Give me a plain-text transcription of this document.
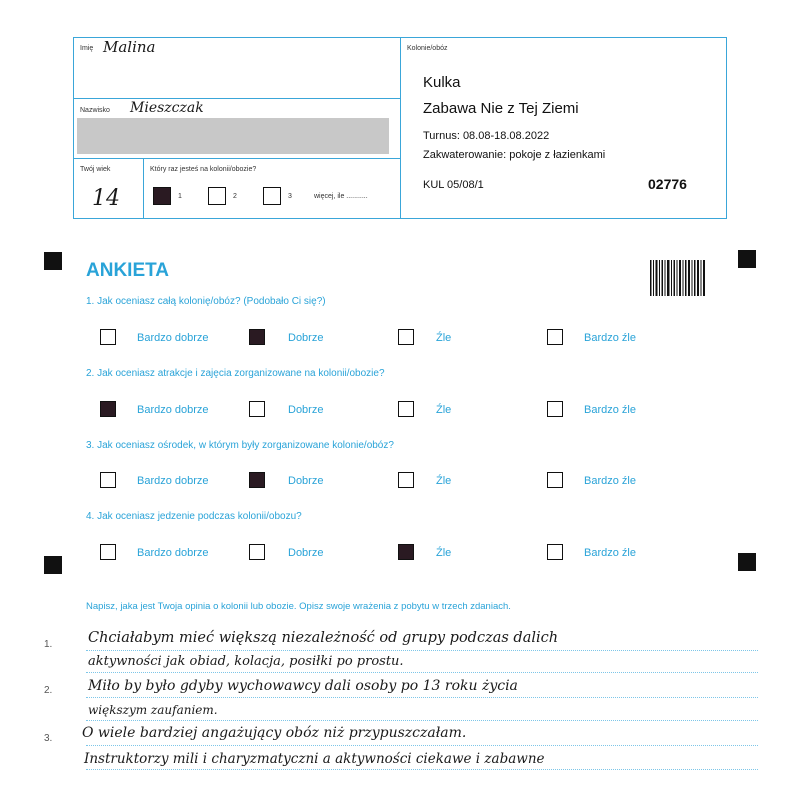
Imię Malina
Nazwisko Mieszczak
Twój wiek
14
Który raz jesteś na kolonii/obozie?
1	2	3	więcej, ile ...........
Kolonie/obóz
Kulka
Zabawa Nie z Tej Ziemi
Turnus: 08.08-18.08.2022
Zakwaterowanie: pokoje z łazienkami
KUL 05/08/1	02776
ANKIETA
1. Jak oceniasz całą kolonię/obóz? (Podobało Ci się?)
Bardzo dobrze	Dobrze	Źle	Bardzo źle
2. Jak oceniasz atrakcje i zajęcia zorganizowane na kolonii/obozie?
Bardzo dobrze	Dobrze	Źle	Bardzo źle
3. Jak oceniasz ośrodek, w którym były zorganizowane kolonie/obóz?
Bardzo dobrze	Dobrze	Źle	Bardzo źle
4. Jak oceniasz jedzenie podczas kolonii/obozu?
Bardzo dobrze	Dobrze	Źle	Bardzo źle
Napisz, jaka jest Twoja opinia o kolonii lub obozie. Opisz swoje wrażenia z pobytu w trzech zdaniach.
1. Chciałabym mieć większą niezależność od grupy podczas dalich
aktywności jak obiad, kolacja, posiłki po prostu.
2.	Miło by było gdyby wychowawcy dali osoby po 13 roku życia
większym zaufaniem.
3. O wiele bardziej angażujący obóz niż przypuszczałam.
Instruktorzy mili i charyzmatyczni a aktywności ciekawe i zabawne
